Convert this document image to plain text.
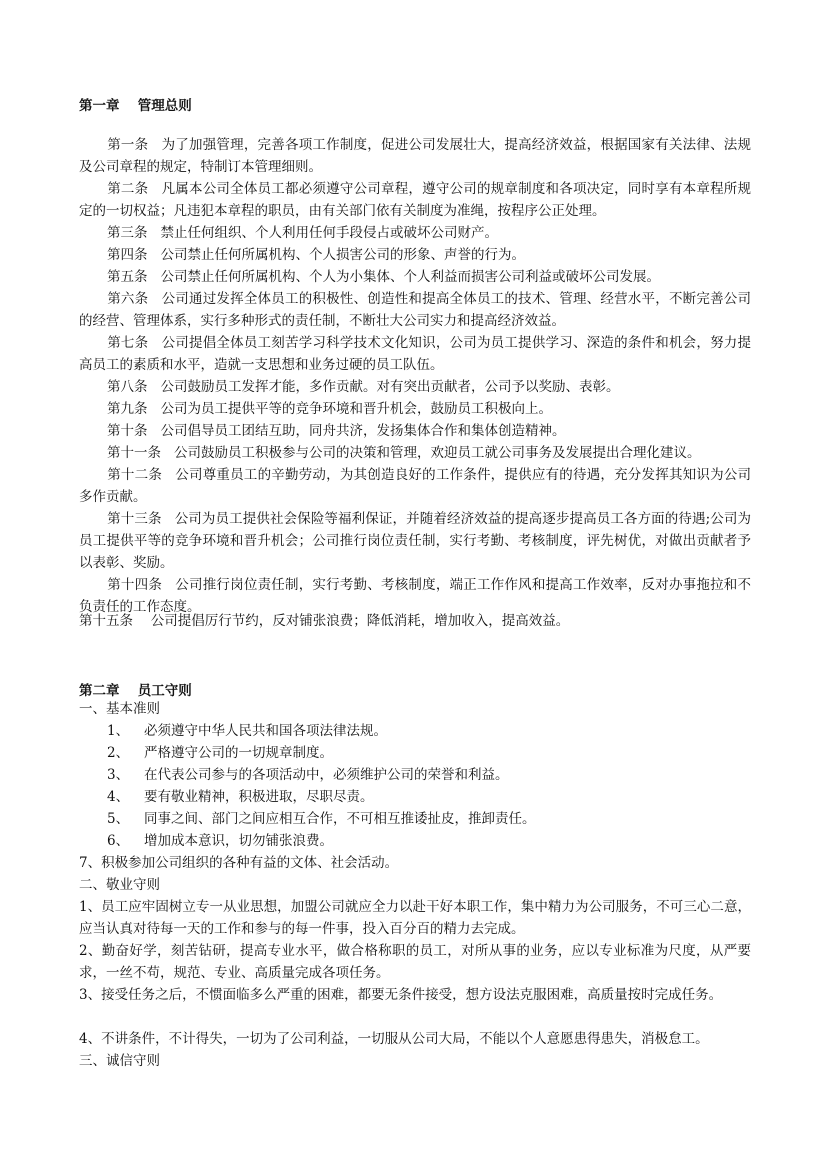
第一章　 管理总则
第一条 为了加强管理，完善各项工作制度，促进公司发展壮大，提高经济效益，根据国家有关法律、法规及公司章程的规定，特制订本管理细则。
第二条 凡属本公司全体员工都必须遵守公司章程，遵守公司的规章制度和各项决定，同时享有本章程所规定的一切权益；凡违犯本章程的职员，由有关部门依有关制度为准绳，按程序公正处理。
第三条 禁止任何组织、个人利用任何手段侵占或破坏公司财产。
第四条 公司禁止任何所属机构、个人损害公司的形象、声誉的行为。
第五条 公司禁止任何所属机构、个人为小集体、个人利益而损害公司利益或破坏公司发展。
第六条 公司通过发挥全体员工的积极性、创造性和提高全体员工的技术、管理、经营水平，不断完善公司的经营、管理体系，实行多种形式的责任制，不断壮大公司实力和提高经济效益。
第七条 公司提倡全体员工刻苦学习科学技术文化知识，公司为员工提供学习、深造的条件和机会，努力提高员工的素质和水平，造就一支思想和业务过硬的员工队伍。
第八条 公司鼓励员工发挥才能，多作贡献。对有突出贡献者，公司予以奖励、表彰。
第九条 公司为员工提供平等的竞争环境和晋升机会，鼓励员工积极向上。
第十条 公司倡导员工团结互助，同舟共济，发扬集体合作和集体创造精神。
第十一条 公司鼓励员工积极参与公司的决策和管理，欢迎员工就公司事务及发展提出合理化建议。
第十二条 公司尊重员工的辛勤劳动，为其创造良好的工作条件，提供应有的待遇，充分发挥其知识为公司多作贡献。
第十三条 公司为员工提供社会保险等福利保证，并随着经济效益的提高逐步提高员工各方面的待遇;公司为员工提供平等的竞争环境和晋升机会；公司推行岗位责任制，实行考勤、考核制度，评先树优，对做出贡献者予以表彰、奖励。
第十四条 公司推行岗位责任制，实行考勤、考核制度，端正工作作风和提高工作效率，反对办事拖拉和不负责任的工作态度。
第十五条　 公司提倡厉行节约，反对铺张浪费；降低消耗，增加收入，提高效益。
第二章　 员工守则
一、基本准则
1、 必须遵守中华人民共和国各项法律法规。
2、 严格遵守公司的一切规章制度。
3、 在代表公司参与的各项活动中，必须维护公司的荣誉和利益。
4、 要有敬业精神，积极进取，尽职尽责。
5、 同事之间、部门之间应相互合作，不可相互推诿扯皮，推卸责任。
6、 增加成本意识，切勿铺张浪费。
7、积极参加公司组织的各种有益的文体、社会活动。
二、敬业守则
1、员工应牢固树立专一从业思想，加盟公司就应全力以赴干好本职工作，集中精力为公司服务，不可三心二意，应当认真对待每一天的工作和参与的每一件事，投入百分百的精力去完成。
2、勤奋好学，刻苦钻研，提高专业水平，做合格称职的员工，对所从事的业务，应以专业标准为尺度，从严要求，一丝不苟，规范、专业、高质量完成各项任务。
3、接受任务之后，不惯面临多么严重的困难，都要无条件接受，想方设法克服困难，高质量按时完成任务。
4、不讲条件，不计得失，一切为了公司利益，一切服从公司大局，不能以个人意愿患得患失，消极怠工。
三、诚信守则
